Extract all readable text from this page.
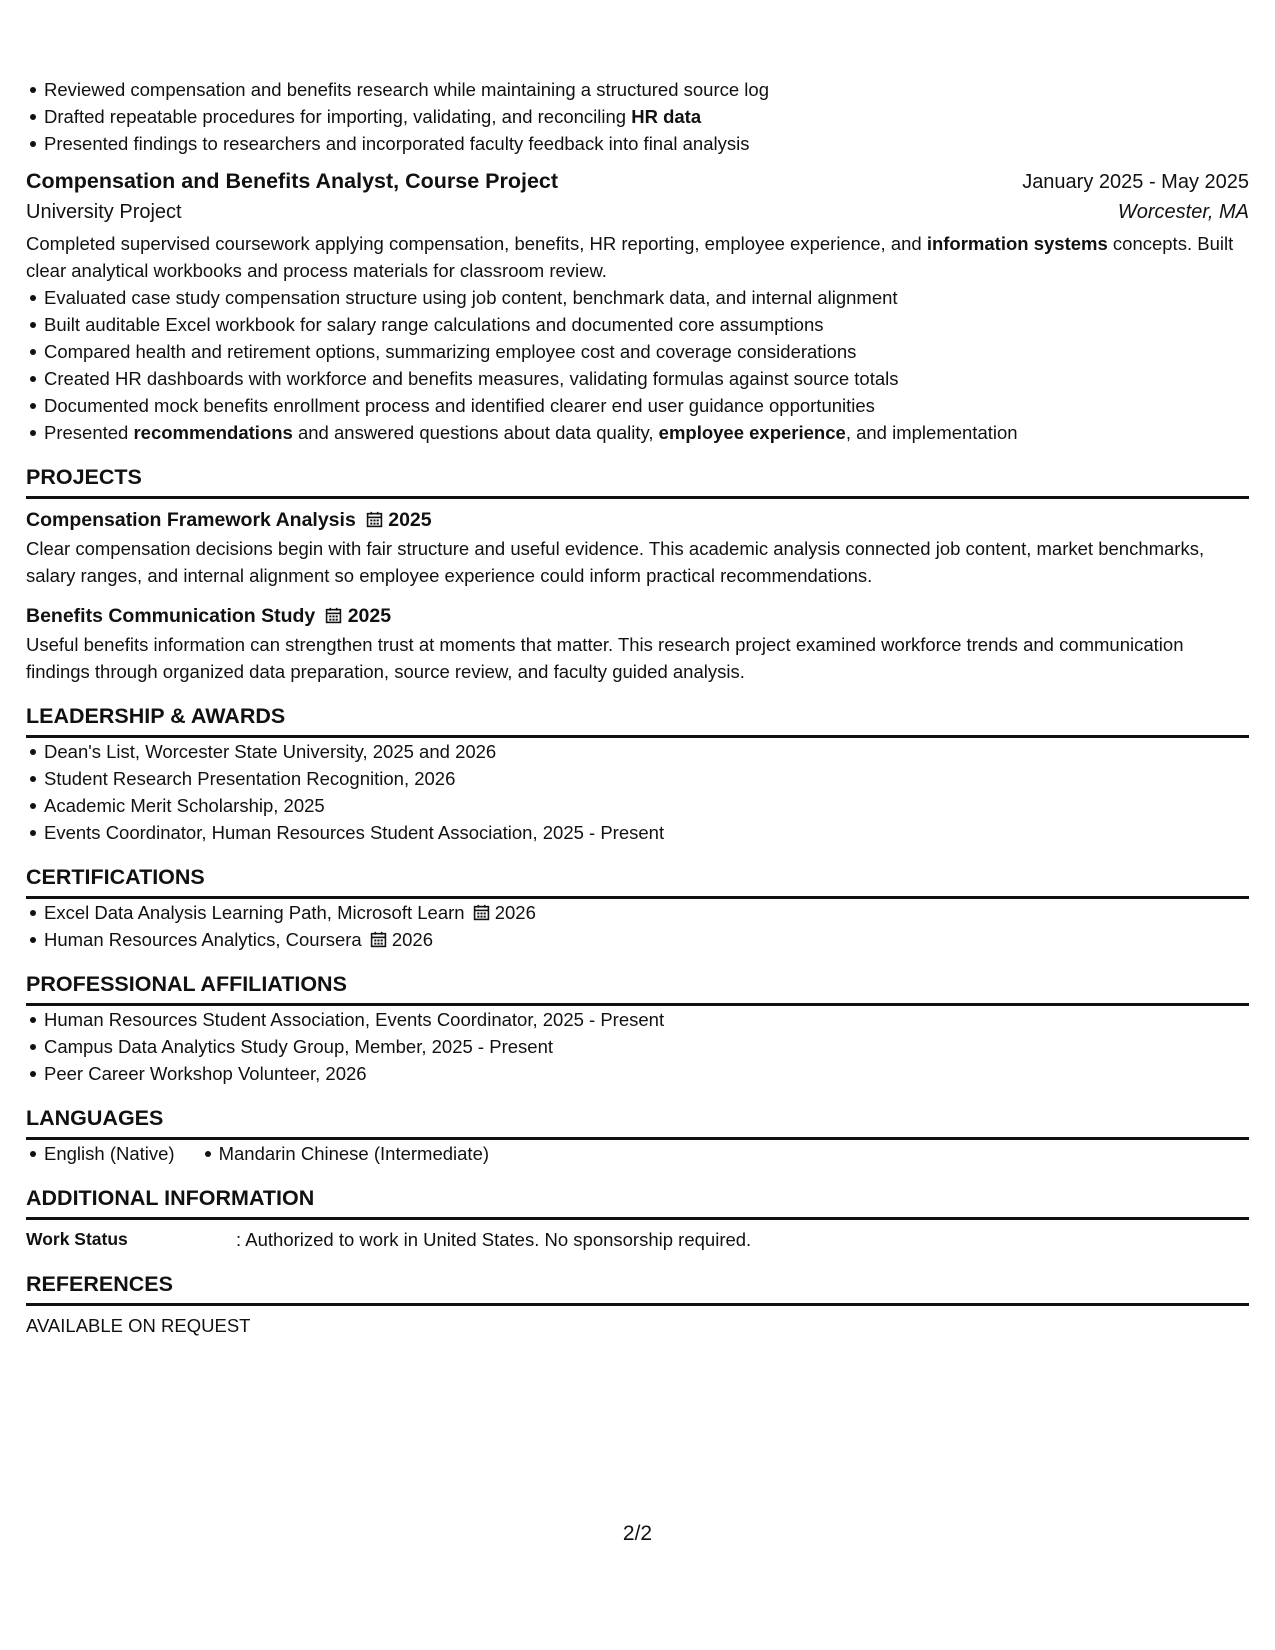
Reviewed compensation and benefits research while maintaining a structured source log
Drafted repeatable procedures for importing, validating, and reconciling HR data
Presented findings to researchers and incorporated faculty feedback into final analysis
Compensation and Benefits Analyst, Course Project	January 2025 - May 2025
University Project	Worcester, MA
Completed supervised coursework applying compensation, benefits, HR reporting, employee experience, and information systems concepts. Built clear analytical workbooks and process materials for classroom review.
Evaluated case study compensation structure using job content, benchmark data, and internal alignment
Built auditable Excel workbook for salary range calculations and documented core assumptions
Compared health and retirement options, summarizing employee cost and coverage considerations
Created HR dashboards with workforce and benefits measures, validating formulas against source totals
Documented mock benefits enrollment process and identified clearer end user guidance opportunities
Presented recommendations and answered questions about data quality, employee experience, and implementation
PROJECTS
Compensation Framework Analysis	2025
Clear compensation decisions begin with fair structure and useful evidence. This academic analysis connected job content, market benchmarks, salary ranges, and internal alignment so employee experience could inform practical recommendations.
Benefits Communication Study	2025
Useful benefits information can strengthen trust at moments that matter. This research project examined workforce trends and communication findings through organized data preparation, source review, and faculty guided analysis.
LEADERSHIP & AWARDS
Dean's List, Worcester State University, 2025 and 2026
Student Research Presentation Recognition, 2026
Academic Merit Scholarship, 2025
Events Coordinator, Human Resources Student Association, 2025 - Present
CERTIFICATIONS
Excel Data Analysis Learning Path, Microsoft Learn 2026
Human Resources Analytics, Coursera 2026
PROFESSIONAL AFFILIATIONS
Human Resources Student Association, Events Coordinator, 2025 - Present
Campus Data Analytics Study Group, Member, 2025 - Present
Peer Career Workshop Volunteer, 2026
LANGUAGES
English (Native) Mandarin Chinese (Intermediate)
ADDITIONAL INFORMATION
Work Status	: Authorized to work in United States. No sponsorship required.
REFERENCES
AVAILABLE ON REQUEST
2/2
